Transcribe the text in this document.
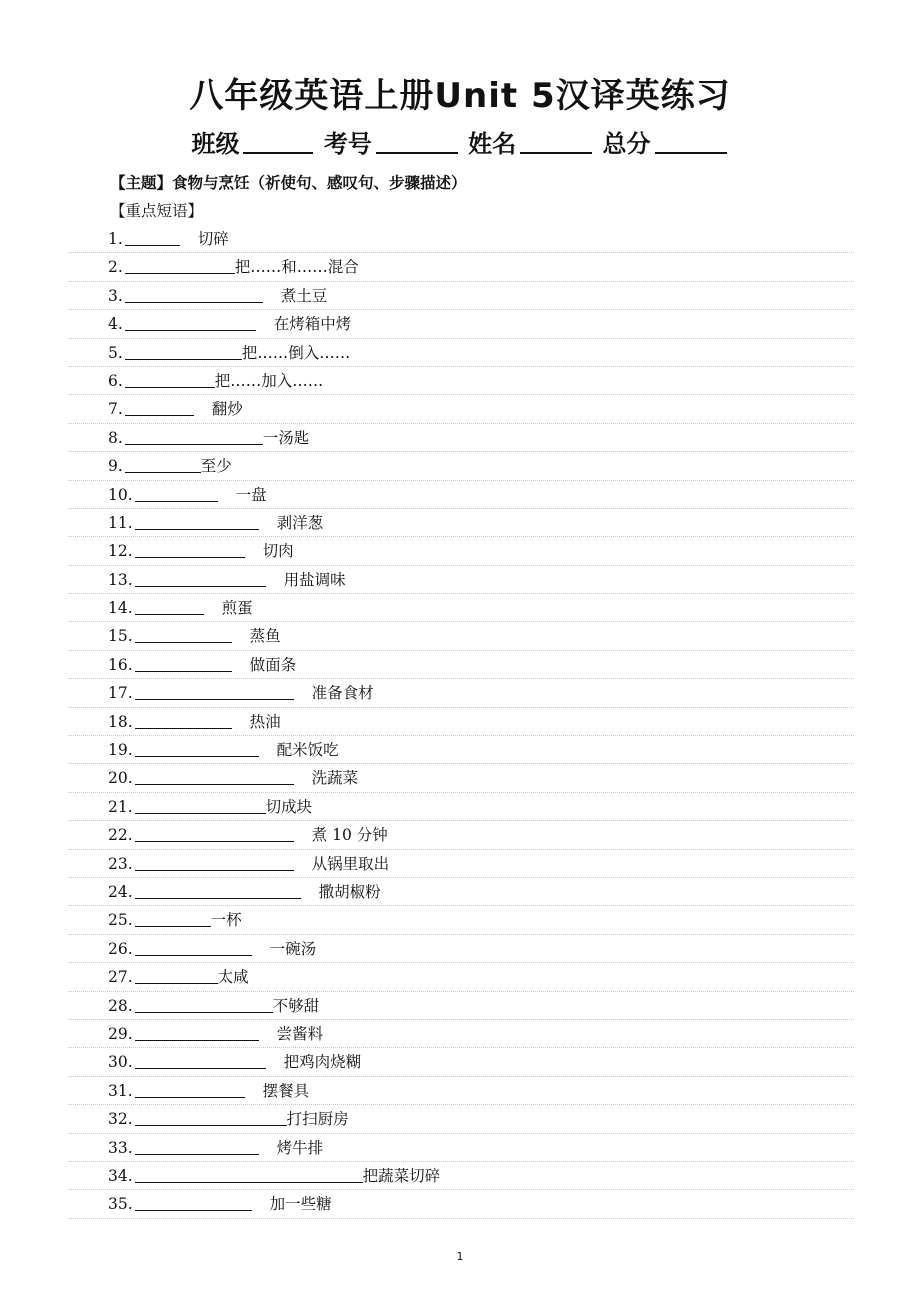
八年级英语上册Unit 5汉译英练习
班级	考号	姓名	总分
【主题】食物与烹饪（祈使句、感叹句、步骤描述）
【重点短语】
1.	切碎
2.	把……和……混合
3.	煮土豆
4.	在烤箱中烤
5.	把……倒入……
6.	把……加入……
7.	翻炒
8.	一汤匙
9.	至少
10.	一盘
11.	剥洋葱
12.	切肉
13.	用盐调味
14.	煎蛋
15.	蒸鱼
16.	做面条
17.	准备食材
18.	热油
19.	配米饭吃
20.	洗蔬菜
21.	切成块
22.	煮 10 分钟
23.	从锅里取出
24.	撒胡椒粉
25.	一杯
26.	一碗汤
27.	太咸
28.	不够甜
29.	尝酱料
30.	把鸡肉烧糊
31.	摆餐具
32.	打扫厨房
33.	烤牛排
34.	把蔬菜切碎
35.	加一些糖
1
